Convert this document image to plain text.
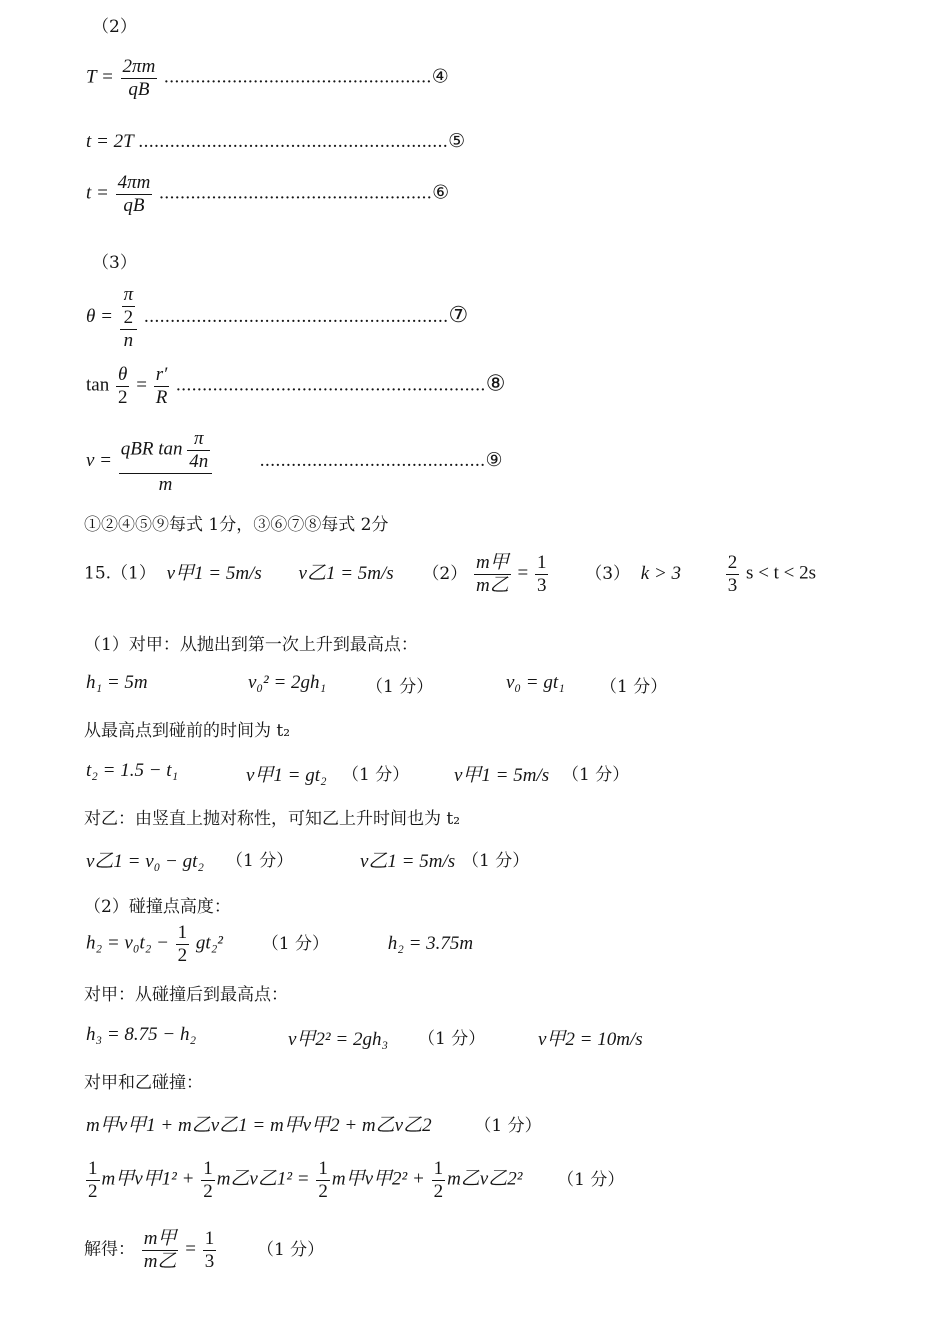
（2）
$T = \frac{2\pi m}{qB}$ ...................................................④
t = 2T ...........................................................⑤
$t = \frac{4\pi m}{qB}$ ....................................................⑥
（3）
$\theta = \frac{\frac{\pi}{2}}{n}$ ..........................................................⑦
$\tan \frac{\theta}{2} = \frac{r'}{R}$ ...........................................................⑧
$v = \frac{qBR \tan \frac{\pi}{4n}}{m}$	...........................................⑨
①②④⑤⑨每式 1分，③⑥⑦⑧每式 2分
15.（1） v甲1 = 5m/s v乙1 = 5m/s $(2) \frac{\text{m甲}}{\text{m乙}} = \frac{1}{3} (3) k > 3 \frac{2}{3}$ s < t < 2s
（1）对甲：从抛出到第一次上升到最高点：
h₁ = 5m	v₀² = 2gh₁ （1 分）	v₀ = gt₁ （1 分）
从最高点到碰前的时间为 t₂
t₂ = 1.5 − t₁	v甲1 = gt₂ （1 分） v甲1 = 5m/s （1 分）
对乙：由竖直上抛对称性，可知乙上升时间也为 t₂
v乙1 = v₀ − gt₂ （1 分）	v乙1 = 5m/s （1 分）
（2）碰撞点高度：
$h_2 = v_0t_2 - \frac{1}{2} gt_2^2$ （1 分）	h₂ = 3.75m
对甲：从碰撞后到最高点：
h₃ = 8.75 − h₂	v甲2² = 2gh₃ （1 分）	v甲2 = 10m/s
对甲和乙碰撞：
m甲v甲1 + m乙v乙1 = m甲v甲2 + m乙v乙2	（1 分）
$\frac{1}{2}$ m甲v甲$1^2 + \frac{1}{2}$ m乙v乙$1^2 = \frac{1}{2}$ m甲v甲$2^2 + \frac{1}{2}$ m乙v乙2² （1 分）
解得： $\frac{\text{m甲}}{\text{m乙}} = \frac{1}{3} (1$ 分）
